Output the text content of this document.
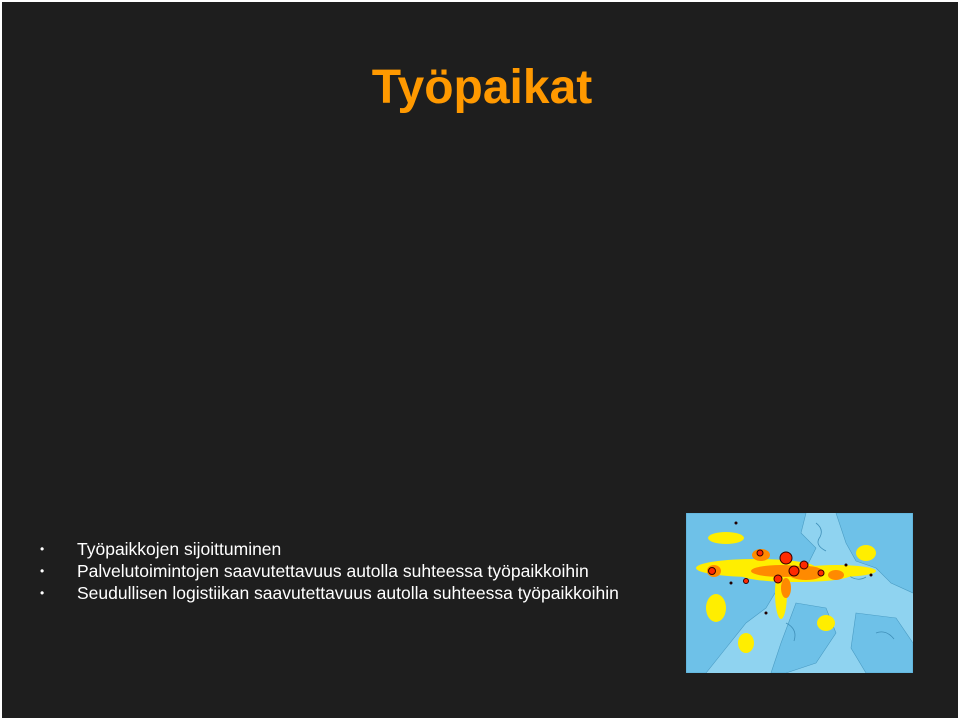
Työpaikat
• Työpaikkojen sijoittuminen
• Palvelutoimintojen saavutettavuus autolla suhteessa työpaikkoihin
• Seudullisen logistiikan saavutettavuus autolla suhteessa työpaikkoihin
